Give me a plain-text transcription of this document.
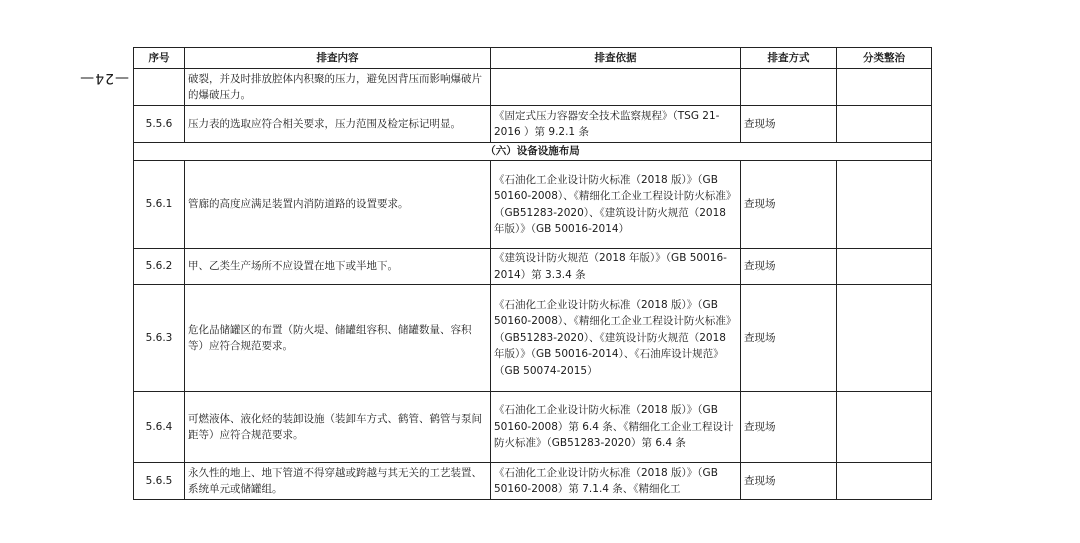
—24—
序号	排查内容	排查依据	排查方式	分类整治
	破裂，并及时排放腔体内积聚的压力，避免因背压而影响爆破片的爆破压力。			
5.5.6	压力表的选取应符合相关要求，压力范围及检定标记明显。	《固定式压力容器安全技术监察规程》（TSG 21-2016 ）第 9.2.1 条	查现场	
（六）设备设施布局				
5.6.1	管廊的高度应满足装置内消防道路的设置要求。	《石油化工企业设计防火标准（2018 版）》（GB 50160-2008）、《精细化工企业工程设计防火标准》（GB51283-2020）、《建筑设计防火规范（2018 年版）》（GB 50016-2014）	查现场	
5.6.2	甲、乙类生产场所不应设置在地下或半地下。	《建筑设计防火规范（2018 年版）》（GB 50016-2014）第 3.3.4 条	查现场	
5.6.3	危化品储罐区的布置（防火堤、储罐组容积、储罐数量、容积等）应符合规范要求。	《石油化工企业设计防火标准（2018 版）》（GB 50160-2008）、《精细化工企业工程设计防火标准》（GB51283-2020）、《建筑设计防火规范（2018 年版）》（GB 50016-2014）、《石油库设计规范》（GB 50074-2015）	查现场	
5.6.4	可燃液体、液化烃的装卸设施（装卸车方式、鹤管、鹤管与泵间距等）应符合规范要求。	《石油化工企业设计防火标准（2018 版）》（GB 50160-2008）第 6.4 条、《精细化工企业工程设计防火标准》（GB51283-2020）第 6.4 条	查现场	
5.6.5	永久性的地上、地下管道不得穿越或跨越与其无关的工艺装置、系统单元或储罐组。	《石油化工企业设计防火标准（2018 版）》（GB 50160-2008）第 7.1.4 条、《精细化工	查现场	
